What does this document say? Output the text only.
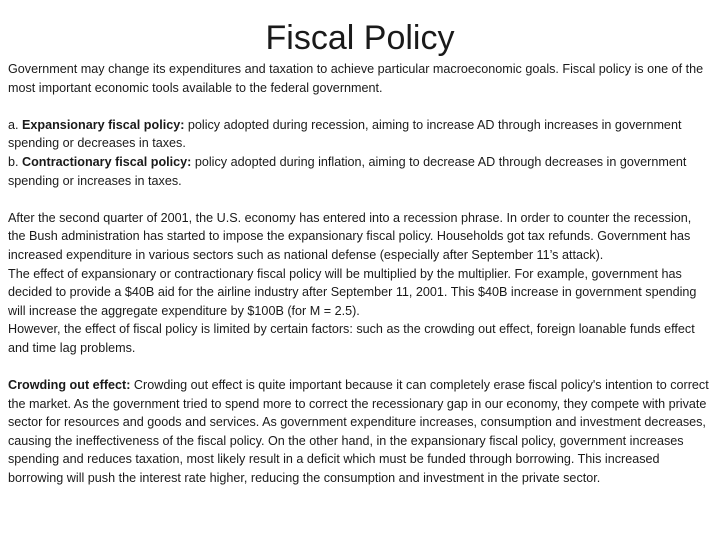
Fiscal Policy

Government may change its expenditures and taxation to achieve particular macroeconomic goals. Fiscal policy is one of the most important economic tools available to the federal government.

a. Expansionary fiscal policy: policy adopted during recession, aiming to increase AD through increases in government spending or decreases in taxes.
b. Contractionary fiscal policy: policy adopted during inflation, aiming to decrease AD through decreases in government spending or increases in taxes.

After the second quarter of 2001, the U.S. economy has entered into a recession phrase. In order to counter the recession, the Bush administration has started to impose the expansionary fiscal policy. Households got tax refunds. Government has increased expenditure in various sectors such as national defense (especially after September 11’s attack).

The effect of expansionary or contractionary fiscal policy will be multiplied by the multiplier. For example, government has decided to provide a $40B aid for the airline industry after September 11, 2001. This $40B increase in government spending will increase the aggregate expenditure by $100B (for M = 2.5).

However, the effect of fiscal policy is limited by certain factors: such as the crowding out effect, foreign loanable funds effect and time lag problems.

Crowding out effect: Crowding out effect is quite important because it can completely erase fiscal policy's intention to correct the market. As the government tried to spend more to correct the recessionary gap in our economy, they compete with private sector for resources and goods and services. As government expenditure increases, consumption and investment decreases, causing the ineffectiveness of the fiscal policy. On the other hand, in the expansionary fiscal policy, government increases spending and reduces taxation, most likely result in a deficit which must be funded through borrowing. This increased borrowing will push the interest rate higher, reducing the consumption and investment in the private sector.
